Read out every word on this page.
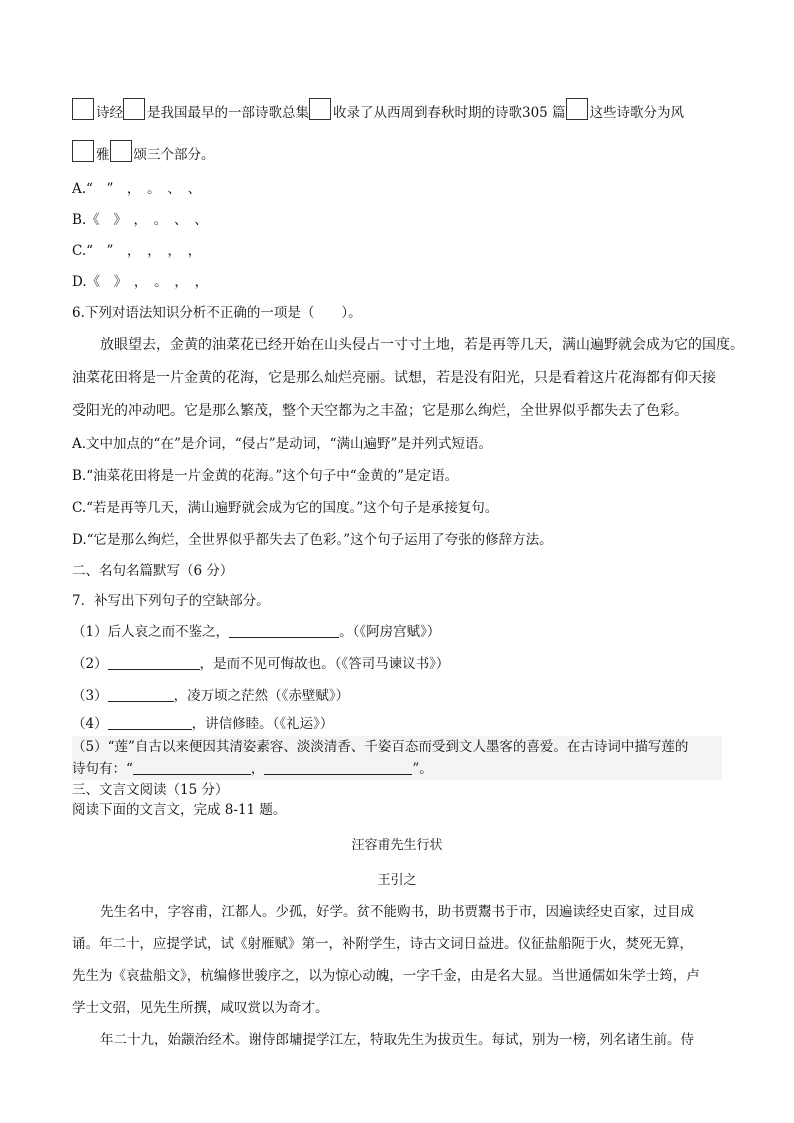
诗经 是我国最早的一部诗歌总集 收录了从西周到春秋时期的诗歌305 篇 这些诗歌分为风
雅 颂三个部分。
A.“　”　，　。　、　、
B.《　》　，　。　、　、
C.“　”　，　，　，　，
D.《　》　，　。　，　，
6.下列对语法知识分析不正确的一项是（　　）。
放眼望去，金黄的油菜花已经开始在山头侵占一寸寸土地，若是再等几天，满山遍野就会成为它的国度。
油菜花田将是一片金黄的花海，它是那么灿烂亮丽。试想，若是没有阳光，只是看着这片花海都有仰天接
受阳光的冲动吧。它是那么繁茂，整个天空都为之丰盈；它是那么绚烂，全世界似乎都失去了色彩。
A.文中加点的“在”是介词，“侵占”是动词，“满山遍野”是并列式短语。
B.“油菜花田将是一片金黄的花海。”这个句子中“金黄的”是定语。
C.“若是再等几天，满山遍野就会成为它的国度。”这个句子是承接复句。
D.“它是那么绚烂，全世界似乎都失去了色彩。”这个句子运用了夸张的修辞方法。
二、名句名篇默写（6 分）
7．补写出下列句子的空缺部分。
（1）后人哀之而不鉴之，	。（《阿房宫赋》）
（2）	，是而不见可悔故也。（《答司马谏议书》）
（3）	，凌万顷之茫然（《赤壁赋》）
（4）	，讲信修睦。（《礼运》）
（5）“莲”自古以来便因其清姿素容、淡淡清香、千姿百态而受到文人墨客的喜爱。在古诗词中描写莲的
诗句有：“	，	”。
三、文言文阅读（15 分）
阅读下面的文言文，完成 8-11 题。
汪容甫先生行状
王引之
先生名中，字容甫，江都人。少孤，好学。贫不能购书，助书贾鬻书于市，因遍读经史百家，过目成
诵。年二十，应提学试，试《射雁赋》第一，补附学生，诗古文词日益进。仪征盐船阨于火，焚死无算，
先生为《哀盐船文》，杭编修世骏序之，以为惊心动魄，一字千金，由是名大显。当世通儒如朱学士筠，卢
学士文弨，见先生所撰，咸叹赏以为奇才。
年二十九，始颛治经术。谢侍郎墉提学江左，特取先生为拔贡生。每试，别为一榜，列名诸生前。侍
